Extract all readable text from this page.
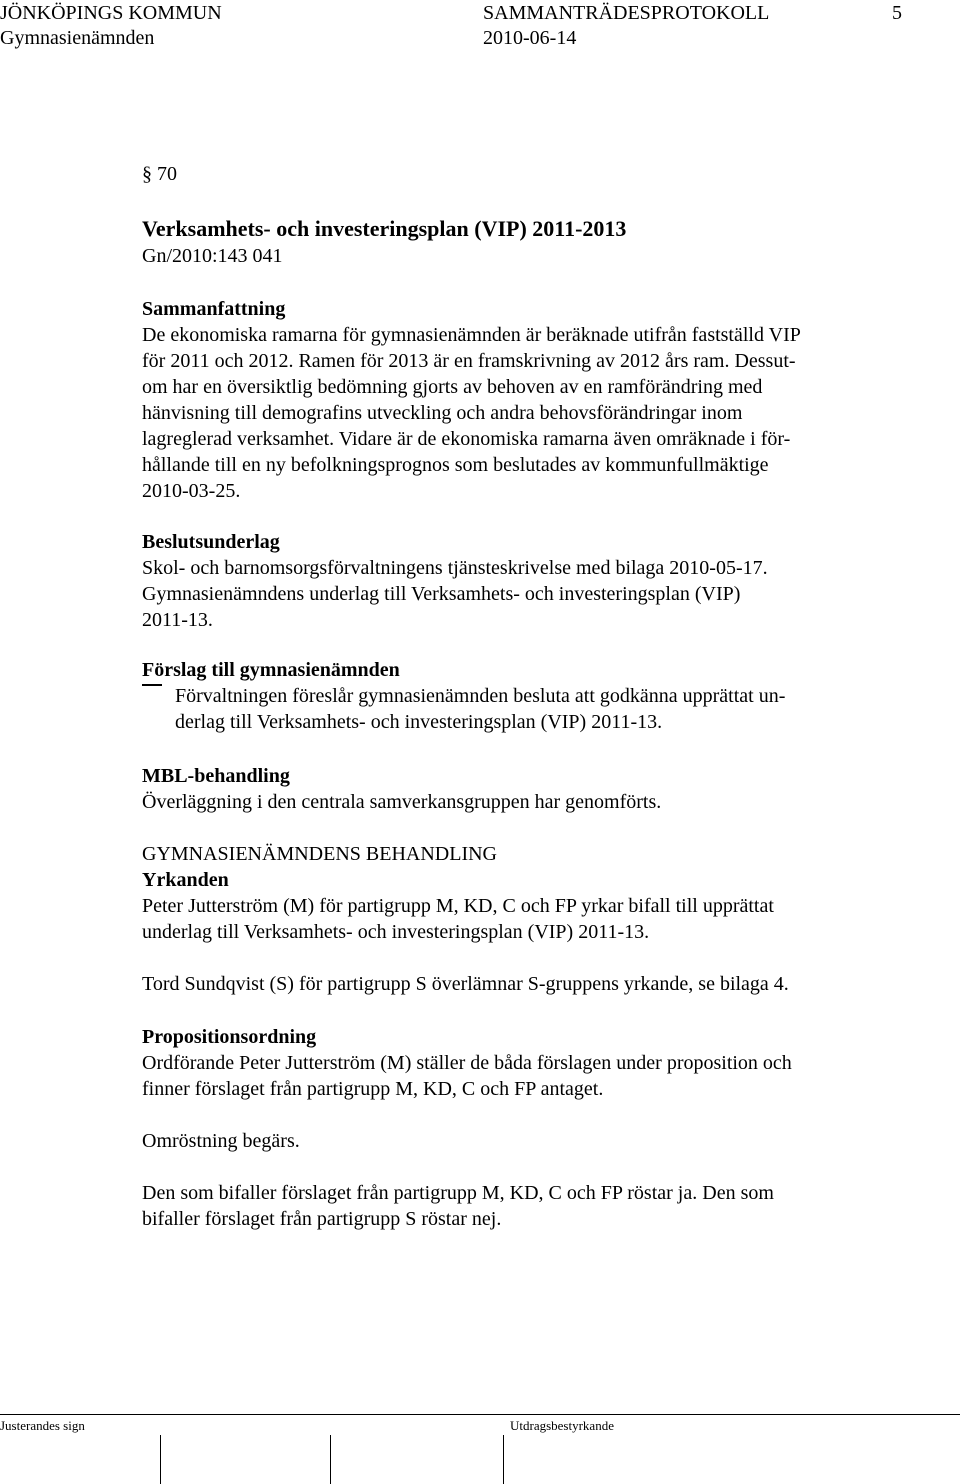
JÖNKÖPINGS KOMMUN	SAMMANTRÄDESPROTOKOLL	5
Gymnasienämnden	2010-06-14
§ 70
Verksamhets- och investeringsplan (VIP) 2011-2013
Gn/2010:143 041
Sammanfattning
De ekonomiska ramarna för gymnasienämnden är beräknade utifrån fastställd VIP
för 2011 och 2012. Ramen för 2013 är en framskrivning av 2012 års ram. Dessut-
om har en översiktlig bedömning gjorts av behoven av en ramförändring med
hänvisning till demografins utveckling och andra behovsförändringar inom
lagreglerad verksamhet. Vidare är de ekonomiska ramarna även omräknade i för-
hållande till en ny befolkningsprognos som beslutades av kommunfullmäktige
2010-03-25.
Beslutsunderlag
Skol- och barnomsorgsförvaltningens tjänsteskrivelse med bilaga 2010-05-17.
Gymnasienämndens underlag till Verksamhets- och investeringsplan (VIP)
2011-13.
Förslag till gymnasienämnden
Förvaltningen föreslår gymnasienämnden besluta att godkänna upprättat un-
derlag till Verksamhets- och investeringsplan (VIP) 2011-13.
MBL-behandling
Överläggning i den centrala samverkansgruppen har genomförts.
GYMNASIENÄMNDENS BEHANDLING
Yrkanden
Peter Jutterström (M) för partigrupp M, KD, C och FP yrkar bifall till upprättat
underlag till Verksamhets- och investeringsplan (VIP) 2011-13.
Tord Sundqvist (S) för partigrupp S överlämnar S-gruppens yrkande, se bilaga 4.
Propositionsordning
Ordförande Peter Jutterström (M) ställer de båda förslagen under proposition och
finner förslaget från partigrupp M, KD, C och FP antaget.
Omröstning begärs.
Den som bifaller förslaget från partigrupp M, KD, C och FP röstar ja. Den som
bifaller förslaget från partigrupp S röstar nej.
Justerandes sign	Utdragsbestyrkande
